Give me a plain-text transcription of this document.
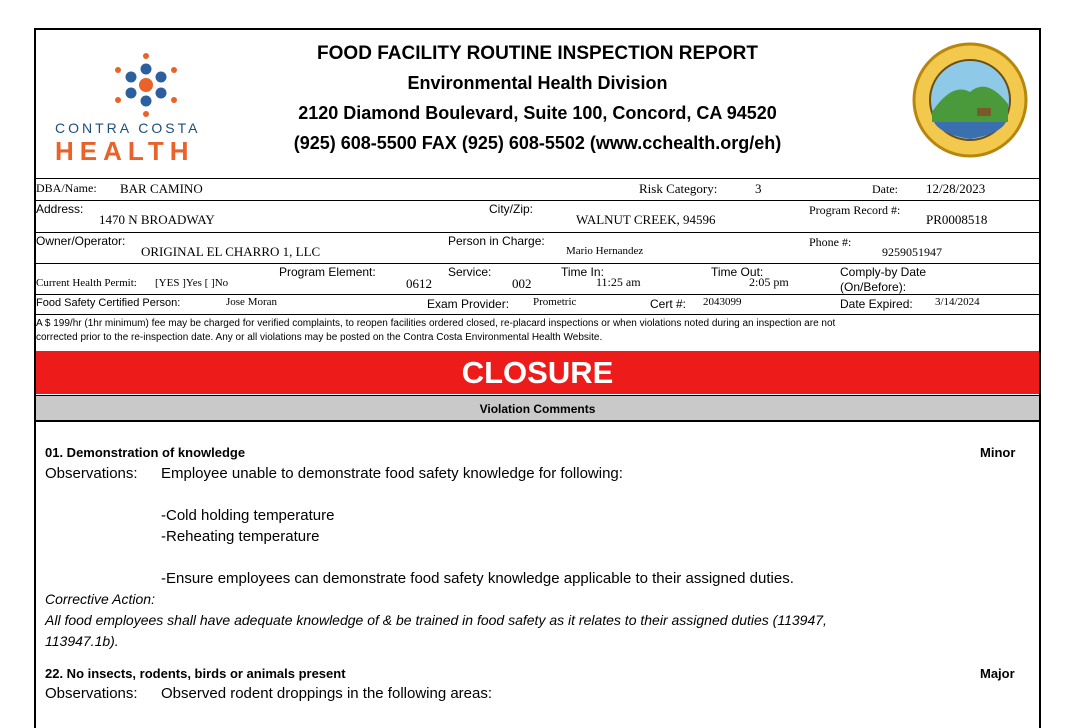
CONTRA COSTA
HEALTH
FOOD FACILITY ROUTINE INSPECTION REPORT
Environmental Health Division
2120 Diamond Boulevard, Suite 100, Concord, CA 94520
(925) 608-5500 FAX (925) 608-5502 (www.cchealth.org/eh)
DBA/Name: BAR CAMINO	Risk Category:	3	Date: 12/28/2023
Address:
1470 N BROADWAY
City/Zip:
WALNUT CREEK, 94596
Program Record #:
PR0008518
Owner/Operator:
ORIGINAL EL CHARRO 1, LLC
Person in Charge:
Mario Hernandez
Phone #:
9259051947
Current Health Permit: [YES ]Yes [ ]No
Program Element:
0612
Service:
002
Time In:
11:25 am
Time Out:
2:05 pm
Comply-by Date
(On/Before):
Food Safety Certified Person:	Jose Moran	Exam Provider: Prometric	Cert #: 2043099	Date Expired: 3/14/2024
A $ 199/hr (1hr minimum) fee may be charged for verified complaints, to reopen facilities ordered closed, re-placard inspections or when violations noted during an inspection are not
corrected prior to the re-inspection date. Any or all violations may be posted on the Contra Costa Environmental Health Website.
CLOSURE
Violation Comments
01. Demonstration of knowledge	Minor
Observations: Employee unable to demonstrate food safety knowledge for following:
-Cold holding temperature
-Reheating temperature
-Ensure employees can demonstrate food safety knowledge applicable to their assigned duties.
Corrective Action:
All food employees shall have adequate knowledge of & be trained in food safety as it relates to their assigned duties (113947,
113947.1b).
22. No insects, rodents, birds or animals present	Major
Observations: Observed rodent droppings in the following areas:
